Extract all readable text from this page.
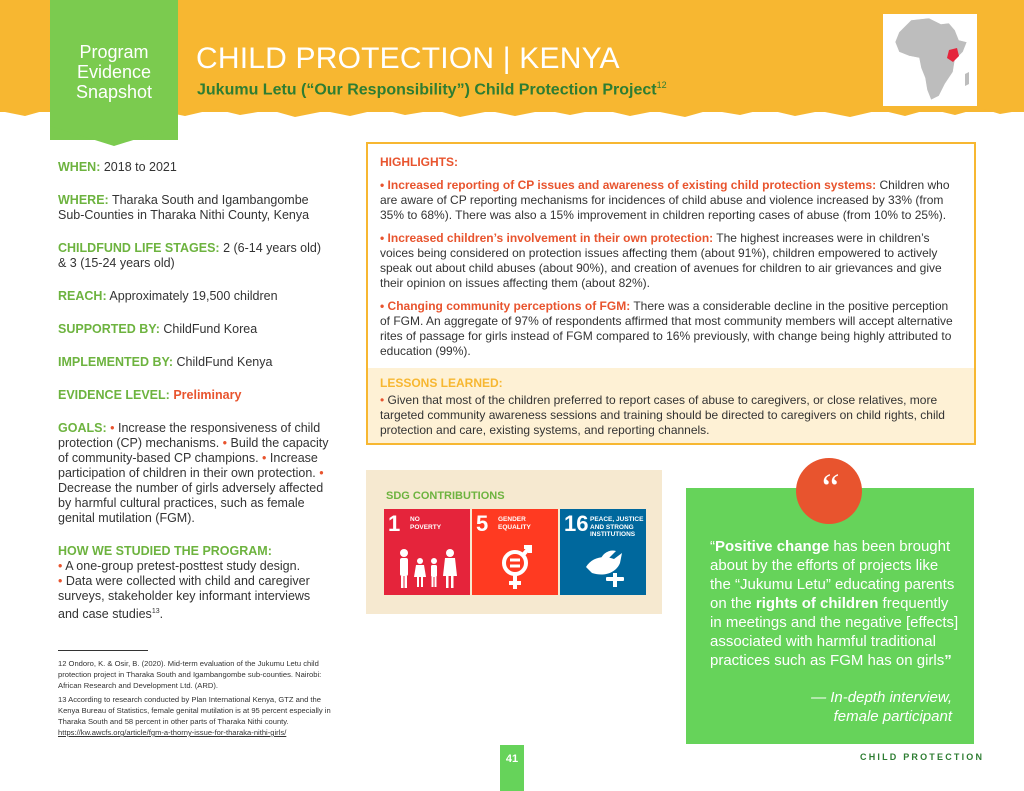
Program
Evidence
Snapshot
CHILD PROTECTION | KENYA
Jukumu Letu (“Our Responsibility”) Child Protection Project$^{12}$

WHEN: 2018 to 2021

WHERE: Tharaka South and Igambangombe Sub-Counties in Tharaka Nithi County, Kenya

CHILDFUND LIFE STAGES: 2 (6-14 years old) & 3 (15-24 years old)

REACH: Approximately 19,500 children

SUPPORTED BY: ChildFund Korea

IMPLEMENTED BY: ChildFund Kenya

EVIDENCE LEVEL: Preliminary

GOALS: • Increase the responsiveness of child protection (CP) mechanisms. • Build the capacity of community-based CP champions. • Increase participation of children in their own protection. • Decrease the number of girls adversely affected by harmful cultural practices, such as female genital mutilation (FGM).

HOW WE STUDIED THE PROGRAM:
• A one-group pretest-posttest study design.
• Data were collected with child and caregiver surveys, stakeholder key informant interviews and case studies$^{13}$.

12 Ondoro, K. & Osir, B. (2020). Mid-term evaluation of the Jukumu Letu child protection project in Tharaka South and Igambangombe sub-counties. Nairobi: African Research and Development Ltd. (ARD).

13 According to research conducted by Plan International Kenya, GTZ and the Kenya Bureau of Statistics, female genital mutilation is at 95 percent especially in Tharaka South and 58 percent in other parts of Tharaka Nithi county. https://kw.awcfs.org/article/fgm-a-thorny-issue-for-tharaka-nithi-girls/

HIGHLIGHTS:
• Increased reporting of CP issues and awareness of existing child protection systems: Children who are aware of CP reporting mechanisms for incidences of child abuse and violence increased by 33% (from 35% to 68%). There was also a 15% improvement in children reporting cases of abuse (from 10% to 25%).
• Increased children’s involvement in their own protection: The highest increases were in children’s voices being considered on protection issues affecting them (about 91%), children empowered to actively speak out about child abuses (about 90%), and creation of avenues for children to air grievances and give their opinion on issues affecting them (about 82%).
• Changing community perceptions of FGM: There was a considerable decline in the positive perception of FGM. An aggregate of 97% of respondents affirmed that most community members will accept alternative rites of passage for girls instead of FGM compared to 16% previously, with change being highly attributed to education (99%).
LESSONS LEARNED:
• Given that most of the children preferred to report cases of abuse to caregivers, or close relatives, more targeted community awareness sessions and training should be directed to caregivers on child rights, child protection and care, existing systems, and reporting channels.
SDG CONTRIBUTIONS
1 NO
POVERTY 5 GENDER
EQUALITY 16 PEACE, JUSTICE
AND STRONG
INSTITUTIONS
“
“Positive change has been brought about by the efforts of projects like the “Jukumu Letu” educating parents on the rights of children frequently in meetings and the negative [effects] associated with harmful traditional practices such as FGM has on girls”
— In-depth interview,
female participant
41	CHILD PROTECTION
